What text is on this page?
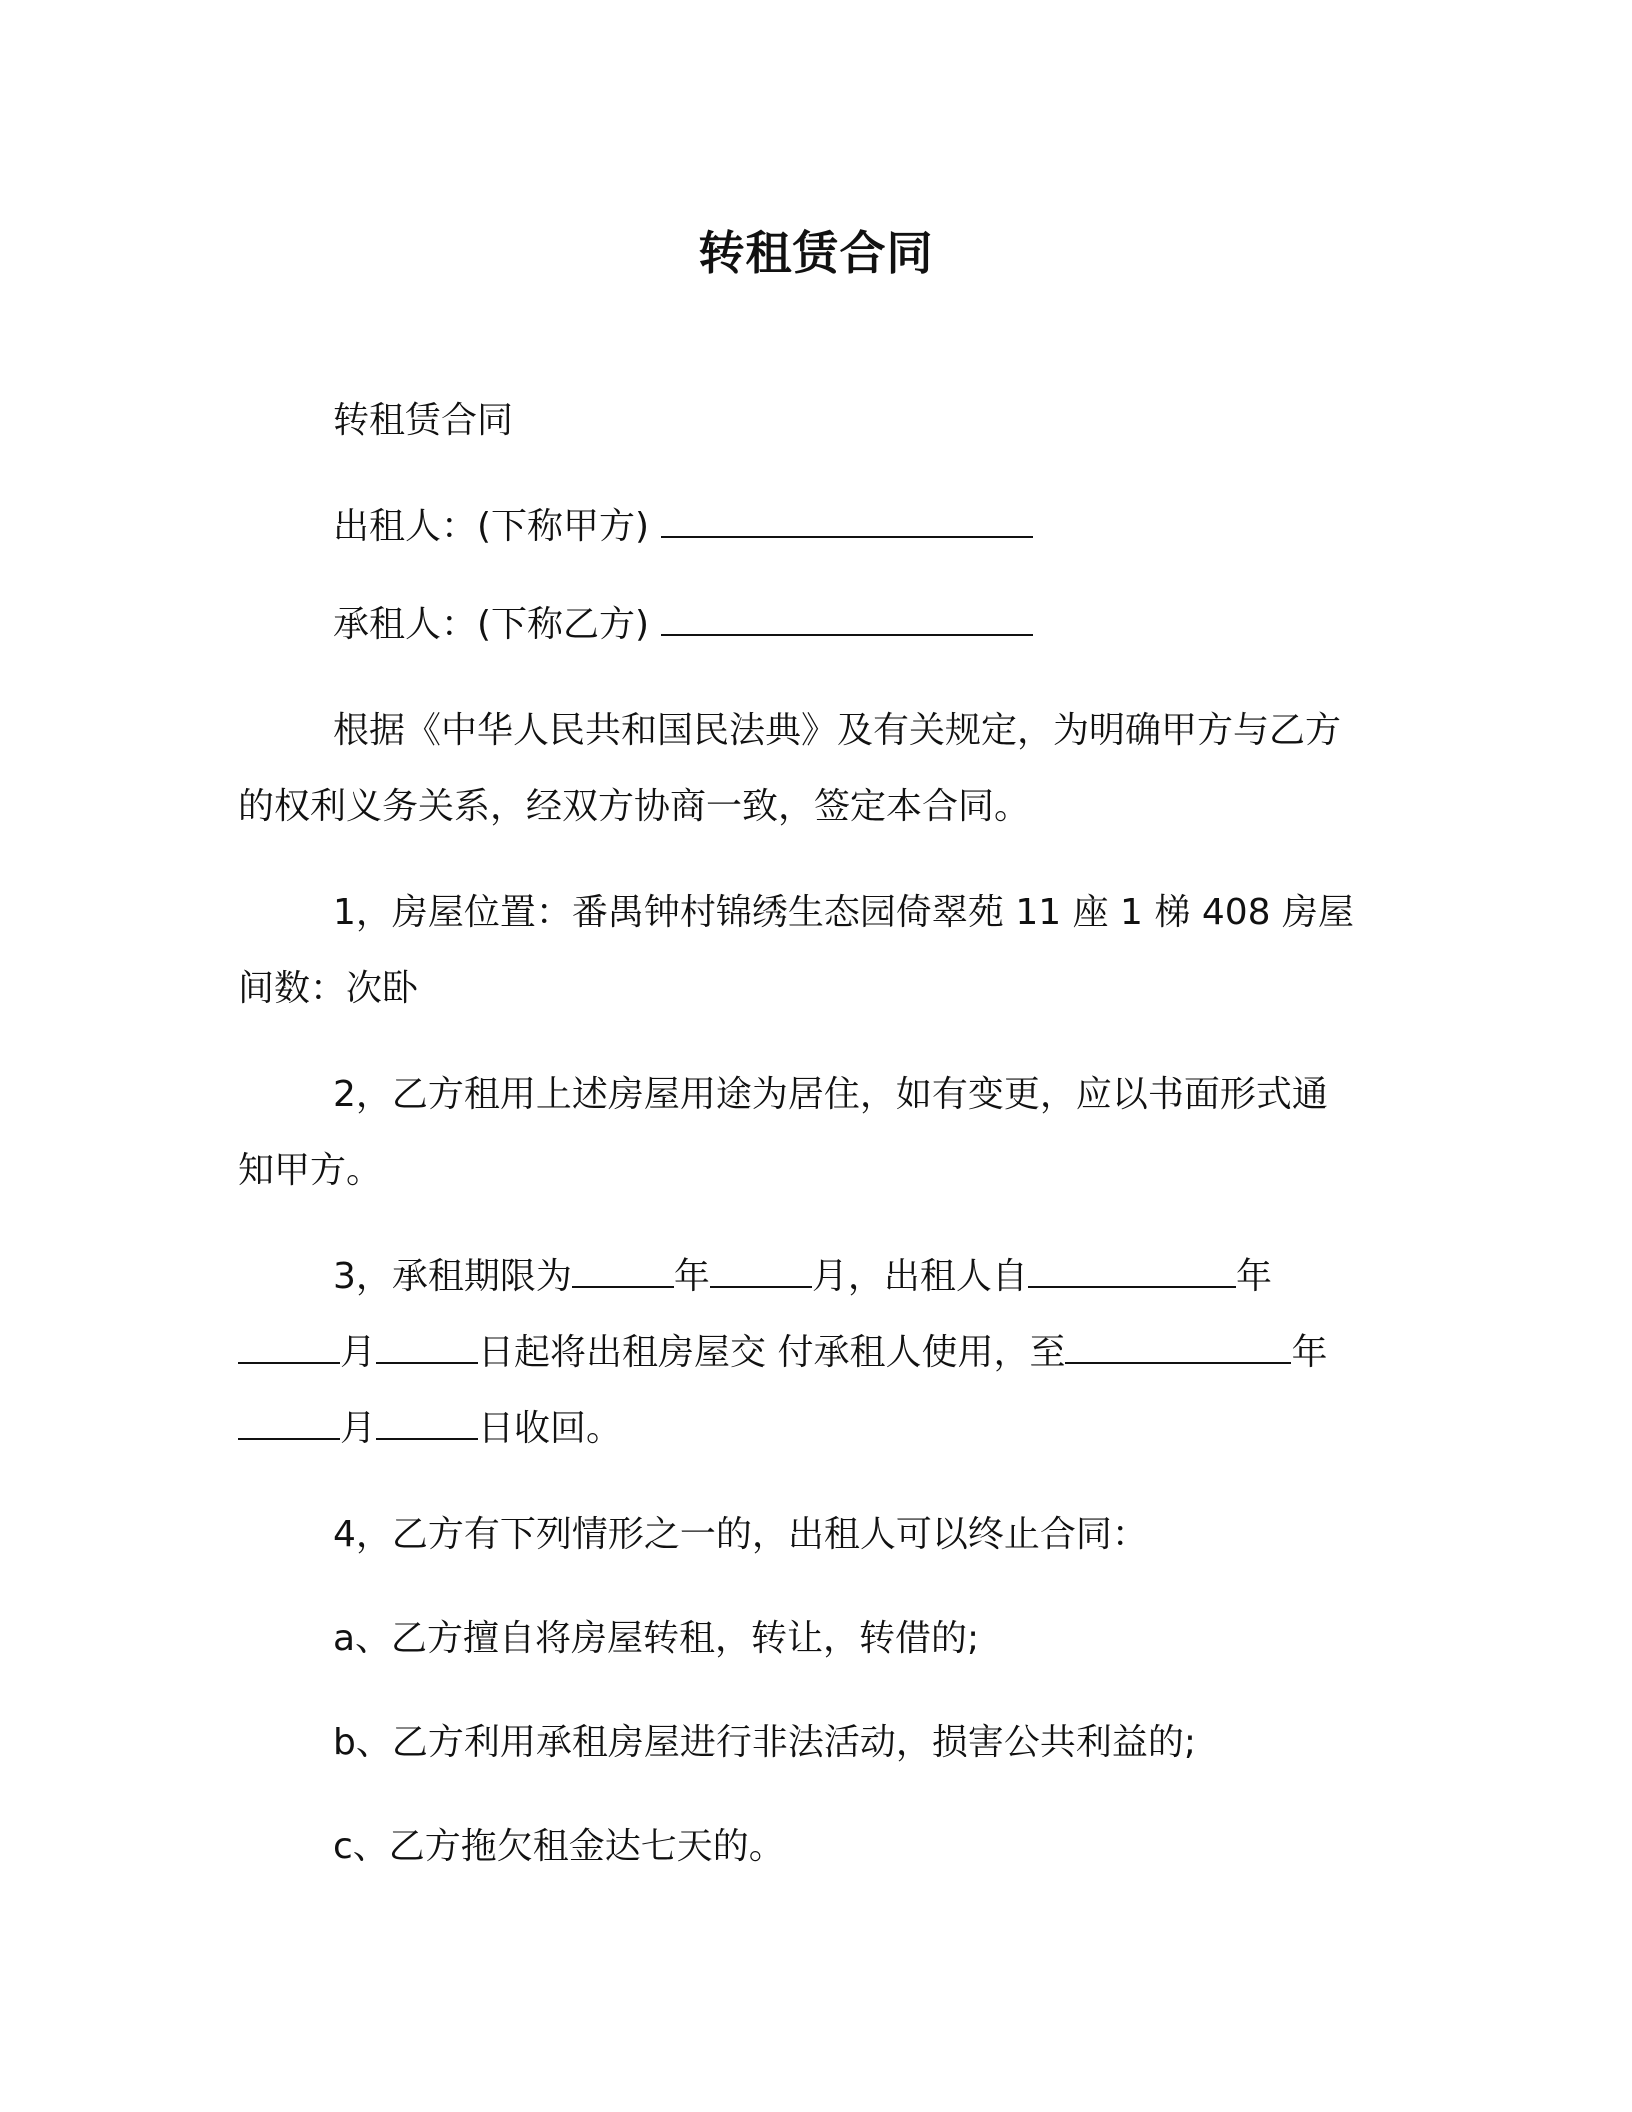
转租赁合同

转租赁合同

出租人：(下称甲方)

承租人：(下称乙方)

根据《中华人民共和国民法典》及有关规定，为明确甲方与乙方

的权利义务关系，经双方协商一致，签定本合同。

1，房屋位置：番禺钟村锦绣生态园倚翠苑 11 座 1 梯 408 房屋

间数：次卧

2，乙方租用上述房屋用途为居住，如有变更，应以书面形式通

知甲方。

3，承租期限为	年	月，出租人自	年

月	日起将出租房屋交 付承租人使用，至	年

月	日收回。

4，乙方有下列情形之一的，出租人可以终止合同：

a、乙方擅自将房屋转租，转让，转借的;

b、乙方利用承租房屋进行非法活动，损害公共利益的;

c、乙方拖欠租金达七天的。
